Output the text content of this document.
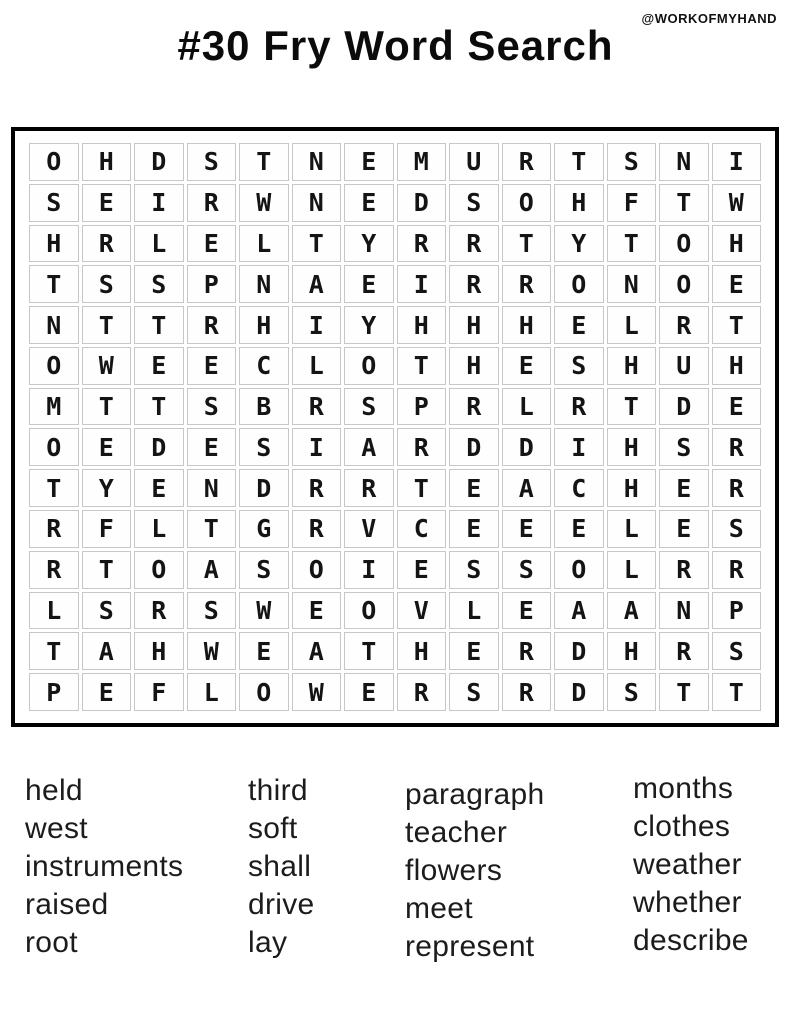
@WORKOFMYHAND
#30 Fry Word Search
O	H	D	S	T	N	E	M	U	R	T	S	N	I
S	E	I	R	W	N	E	D	S	O	H	F	T	W
H	R	L	E	L	T	Y	R	R	T	Y	T	O	H
T	S	S	P	N	A	E	I	R	R	O	N	O	E
N	T	T	R	H	I	Y	H	H	H	E	L	R	T
O	W	E	E	C	L	O	T	H	E	S	H	U	H
M	T	T	S	B	R	S	P	R	L	R	T	D	E
O	E	D	E	S	I	A	R	D	D	I	H	S	R
T	Y	E	N	D	R	R	T	E	A	C	H	E	R
R	F	L	T	G	R	V	C	E	E	E	L	E	S
R	T	O	A	S	O	I	E	S	S	O	L	R	R
L	S	R	S	W	E	O	V	L	E	A	A	N	P
T	A	H	W	E	A	T	H	E	R	D	H	R	S
P	E	F	L	O	W	E	R	S	R	D	S	T	T
held
west
instruments
raised
root
third
soft
shall
drive
lay
paragraph
teacher
flowers
meet
represent
months
clothes
weather
whether
describe
